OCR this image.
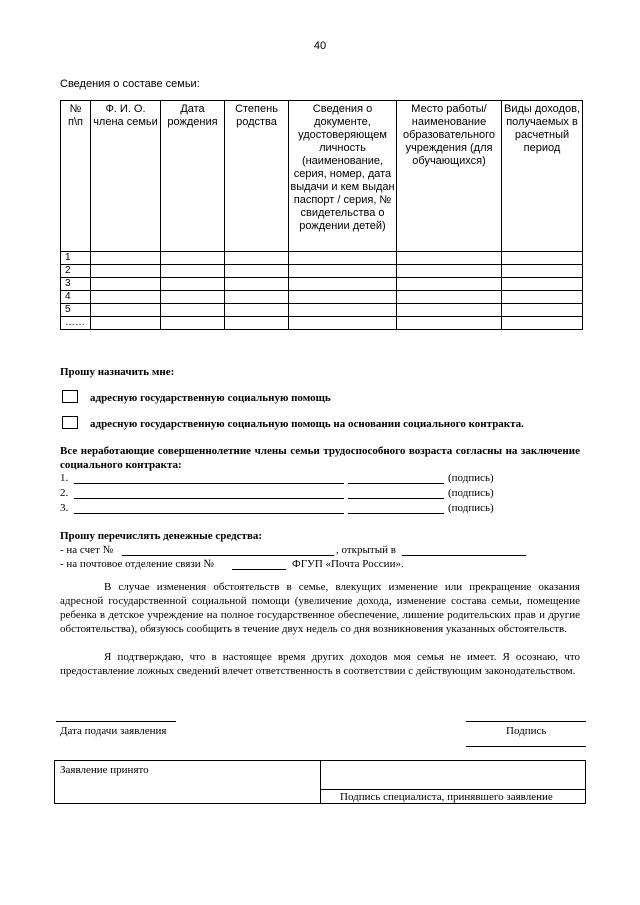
40
Сведения о составе семьи:
№ п\п	Ф. И. О. члена семьи	Дата рождения	Степень родства	Сведения о документе, удостоверяющем личность (наименование, серия, номер, дата выдачи и кем выдан паспорт / серия, № свидетельства о рождении детей)	Место работы/ наименование образовательного учреждения (для обучающихся)	Виды доходов, получаемых в расчетный период
1						
2						
3						
4						
5						
……						
Прошу назначить мне:
адресную государственную социальную помощь
адресную государственную социальную помощь на основании социального контракта.
Все неработающие совершеннолетние члены семьи трудоспособного возраста согласны на заключение социального контракта:
1.	(подпись)
2.	(подпись)
3.	(подпись)
Прошу перечислять денежные средства:
- на счет №	, открытый в
- на почтовое отделение связи №	ФГУП «Почта России».
В случае изменения обстоятельств в семье, влекущих изменение или прекращение оказания адресной государственной социальной помощи (увеличение дохода, изменение состава семьи, помещение ребенка в детское учреждение на полное государственное обеспечение, лишение родительских прав и другие обстоятельства), обязуюсь сообщить в течение двух недель со дня возникновения указанных обстоятельств.
Я подтверждаю, что в настоящее время других доходов моя семья не имеет. Я осознаю, что предоставление ложных сведений влечет ответственность в соответствии с действующим законодательством.
Дата подачи заявления	Подпись
Заявление принято
Подпись специалиста, принявшего заявление
